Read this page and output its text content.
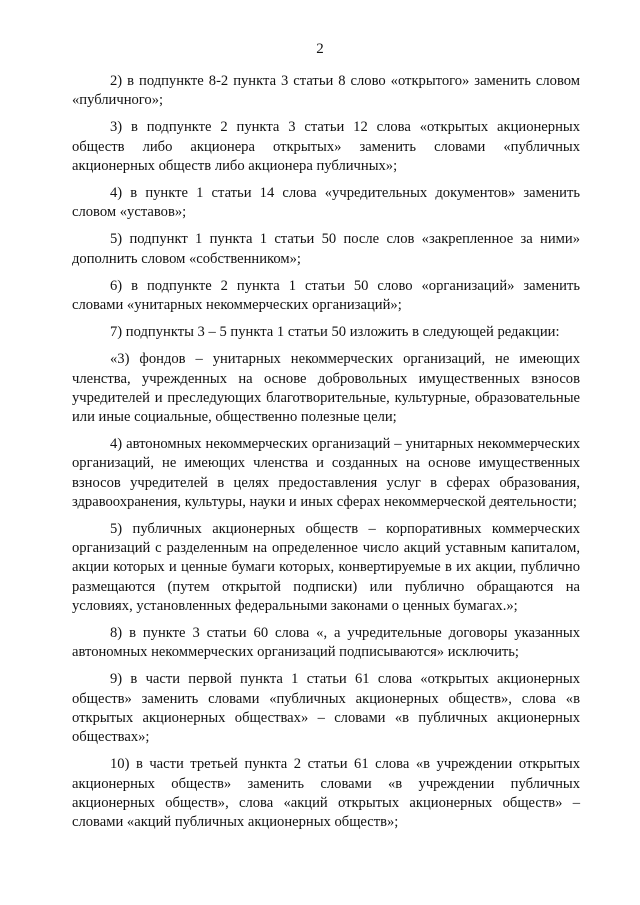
2

2) в подпункте 8-2 пункта 3 статьи 8 слово «открытого» заменить словом «публичного»;

3) в подпункте 2 пункта 3 статьи 12 слова «открытых акционерных обществ либо акционера открытых» заменить словами «публичных акционерных обществ либо акционера публичных»;

4) в пункте 1 статьи 14 слова «учредительных документов» заменить словом «уставов»;

5) подпункт 1 пункта 1 статьи 50 после слов «закрепленное за ними» дополнить словом «собственником»;

6) в подпункте 2 пункта 1 статьи 50 слово «организаций» заменить словами «унитарных некоммерческих организаций»;

7) подпункты 3 – 5 пункта 1 статьи 50 изложить в следующей редакции:

«3) фондов – унитарных некоммерческих организаций, не имеющих членства, учрежденных на основе добровольных имущественных взносов учредителей и преследующих благотворительные, культурные, образовательные или иные социальные, общественно полезные цели;

4) автономных некоммерческих организаций – унитарных некоммерческих организаций, не имеющих членства и созданных на основе имущественных взносов учредителей в целях предоставления услуг в сферах образования, здравоохранения, культуры, науки и иных сферах некоммерческой деятельности;

5) публичных акционерных обществ – корпоративных коммерческих организаций с разделенным на определенное число акций уставным капиталом, акции которых и ценные бумаги которых, конвертируемые в их акции, публично размещаются (путем открытой подписки) или публично обращаются на условиях, установленных федеральными законами о ценных бумагах.»;

8) в пункте 3 статьи 60 слова «, а учредительные договоры указанных автономных некоммерческих организаций подписываются» исключить;

9) в части первой пункта 1 статьи 61 слова «открытых акционерных обществ» заменить словами «публичных акционерных обществ», слова «в открытых акционерных обществах» – словами «в публичных акционерных обществах»;

10) в части третьей пункта 2 статьи 61 слова «в учреждении открытых акционерных обществ» заменить словами «в учреждении публичных акционерных обществ», слова «акций открытых акционерных обществ» – словами «акций публичных акционерных обществ»;
